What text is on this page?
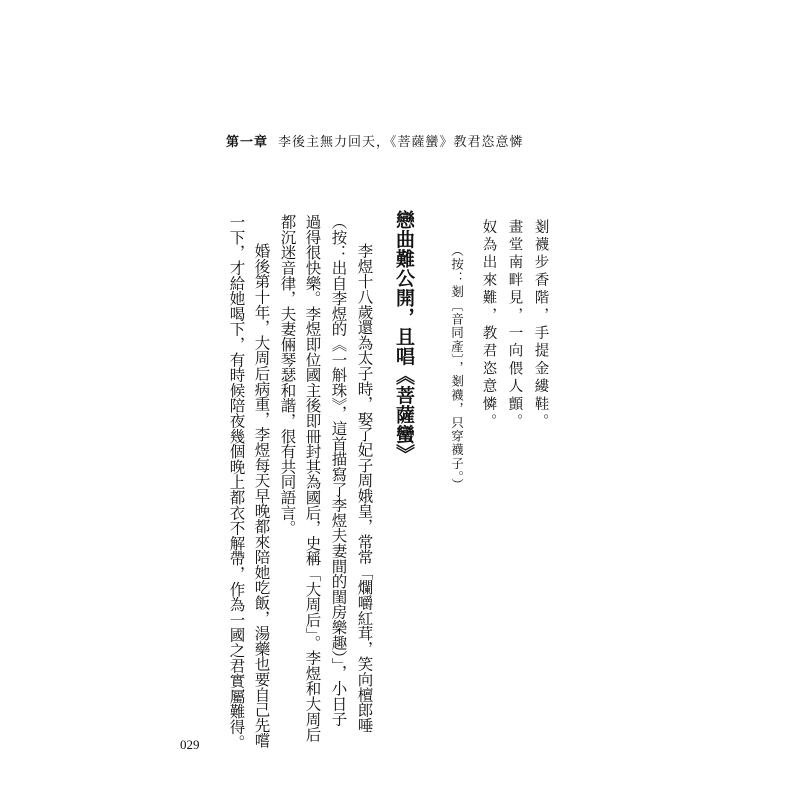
第一章 李後主無力回天，《菩薩蠻》教君恣意憐
剗襪步香階，手提金縷鞋。
畫堂南畔見，一向偎人顫。
奴為出來難，教君恣意憐。
（按：剗〔音同產〕，剗襪，只穿襪子。）
戀曲難公開，且唱《菩薩蠻》
李煜十八歲還為太子時，娶了妃子周娥皇，常常「爛嚼紅茸，笑向檀郎唾
（按：出自李煜的《一斛珠》，這首描寫了李煜夫妻間的閨房樂趣）」，小日子
過得很快樂。李煜即位國主後即冊封其為國后，史稱「大周后」。李煜和大周后
都沉迷音律，夫妻倆琴瑟和諧，很有共同語言。
婚後第十年，大周后病重，李煜每天早晚都來陪她吃飯，湯藥也要自己先嚐
一下，才給她喝下，有時候陪夜幾個晚上都衣不解帶，作為一國之君實屬難得。
029
